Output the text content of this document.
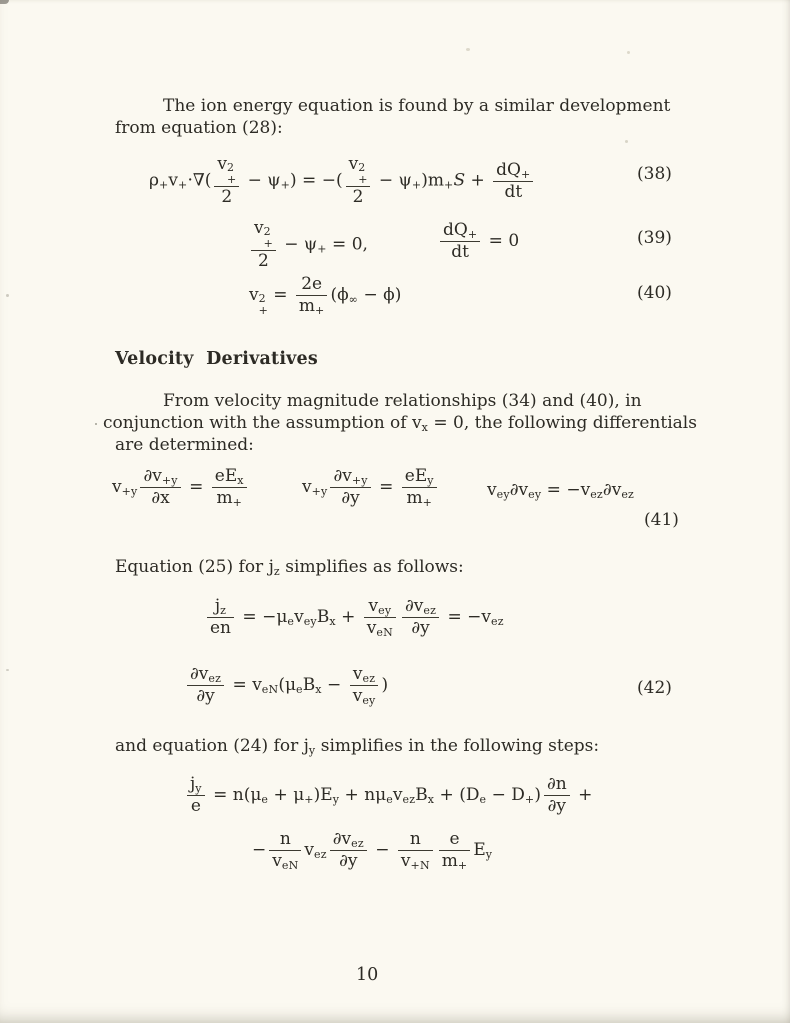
The ion energy equation is found by a similar development
from equation (28):
$\rho_+v_+\cdot\nabla$( v 2
+
$2 - \psi_+$) = −( v 2
+
$2 - \psi_+)m_+S + \frac{dQ_+}{dt}$	(38)
v 2
+
$2 - \psi_+ = 0$,	$\frac{dQ_+}{dt} = 0$	(39)
v 2
+
= $\frac{2e}{m_+} (\phi_\infty - \phi)$	(40)
Velocity  Derivatives
From velocity magnitude relationships (34) and (40), in
conjunction with the assumption of $v_x = 0$, the following differentials
are determined:
$v_{+y} \frac{\partial v_{+y}}{\partial x} = \frac{eE_x}{m_+}$	$v_{+y} \frac{\partial v_{+y}}{\partial y} = \frac{eE_y}{m_+}$	$v_{ey}\partial v_{ey} = -v_{ez}\partial v_{ez}$
(41)
Equation (25) for $j_z$ simplifies as follows:
$\frac{j_z}{en} = -\mu_ev_{ey}B_x + \frac{v_{ey}}{v_{eN}} \frac{\partial v_{ez}}{\partial y} = -v_{ez}$
$\frac{\partial v_{ez}}{\partial y} = v_{eN}(\mu_eB_x - \frac{v_{ez}}{v_{ey}}$ )	(42)
and equation (24) for $j_y$ simplifies in the following steps:
$\frac{j_y}{e} = n(\mu_e + \mu_+)E_y + n\mu_ev_{ez}B_x + (D_e - D_+) \frac{\partial n}{\partial y}$ +
− $\frac{n}{v_{eN}} v_{ez} \frac{\partial v_{ez}}{\partial y} - \frac{n}{v_{+N}} \frac{e}{m_+} E_y$
10
